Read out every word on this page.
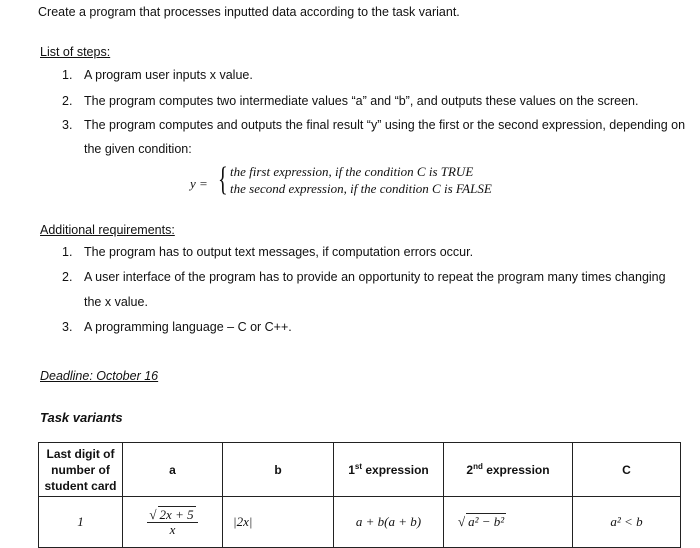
Create a program that processes inputted data according to the task variant.
List of steps:
1. A program user inputs x value.
2. The program computes two intermediate values “a” and “b”, and outputs these values on the screen.
3. The program computes and outputs the final result “y” using the first or the second expression, depending on
the given condition:
y = { the first expression, if the condition C is TRUE
the second expression, if the condition C is FALSE
Additional requirements:
1. The program has to output text messages, if computation errors occur.
2. A user interface of the program has to provide an opportunity to repeat the program many times changing
the x value.
3. A programming language – C or C++.
Deadline: October 16
Task variants
Last digit of
number of
student card	a	b	1st expression	2nd expression	C
1	$\frac{√ 2x + 5}{x}$	|2x|	a + b(a + b)	√ a² − b²	a² < b
